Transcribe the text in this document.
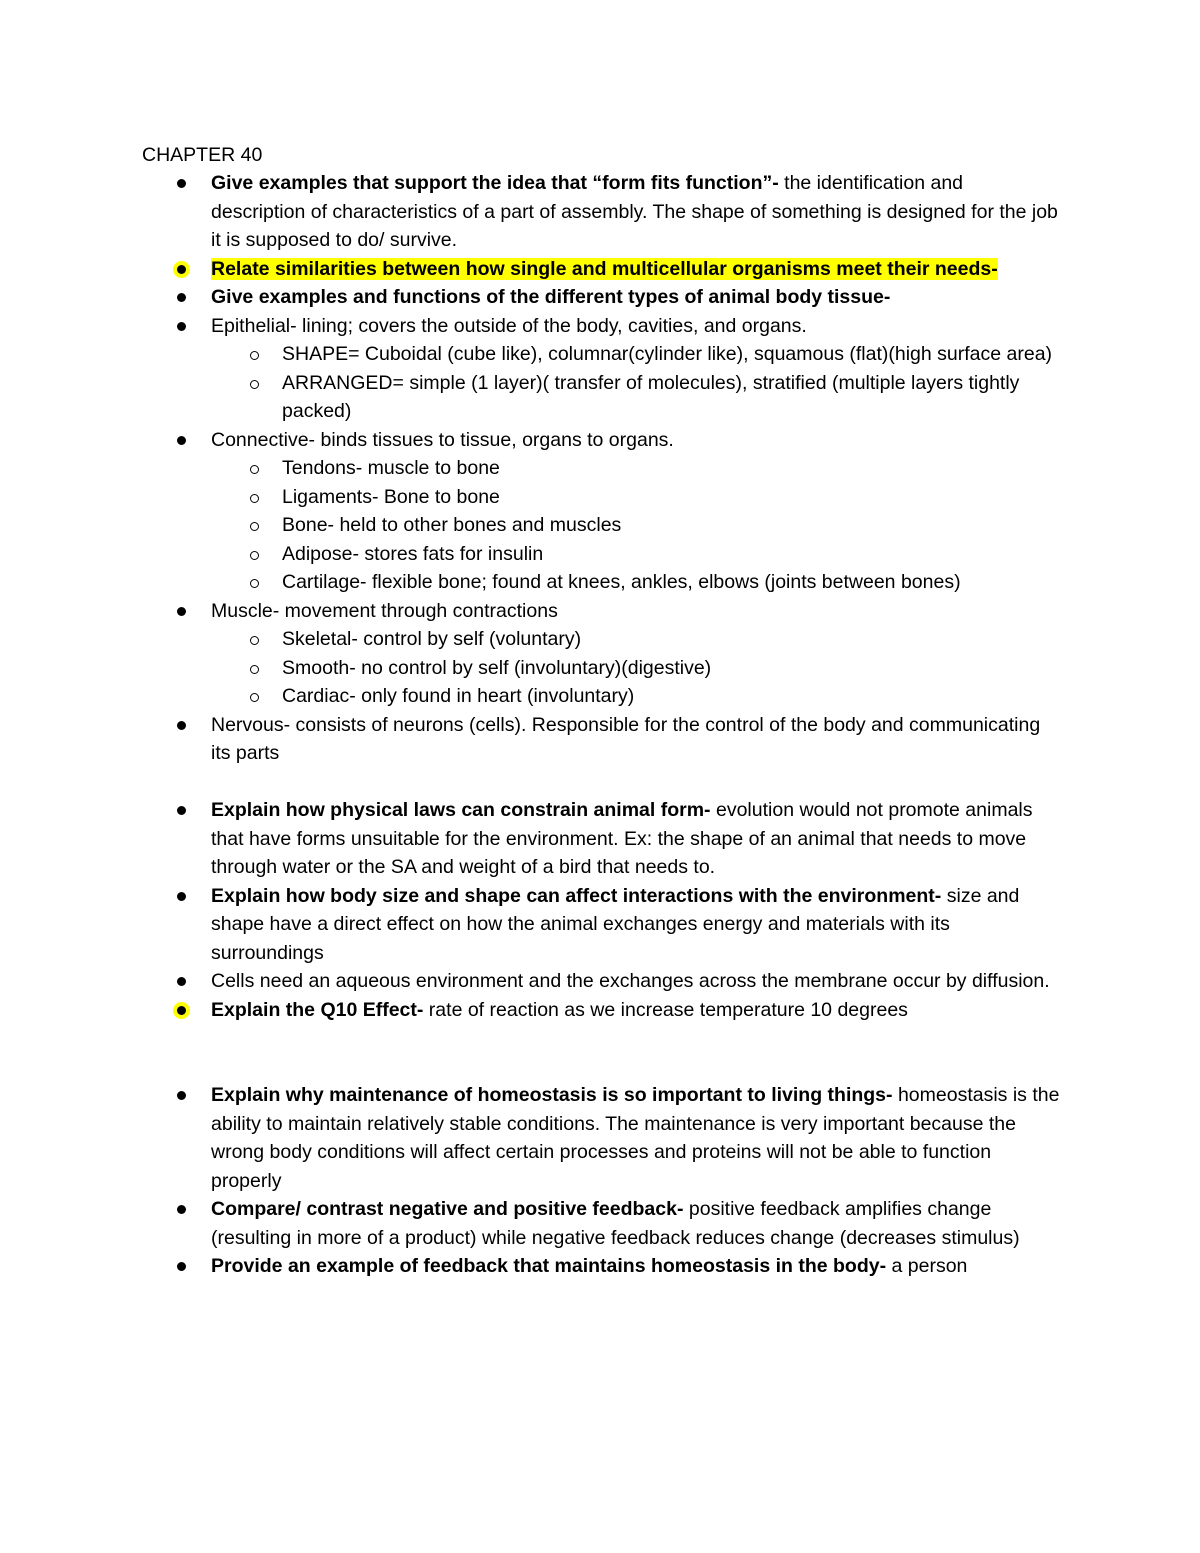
CHAPTER 40
Give examples that support the idea that “form fits function”- the identification and description of characteristics of a part of assembly. The shape of something is designed for the job it is supposed to do/ survive.
Relate similarities between how single and multicellular organisms meet their needs-
Give examples and functions of the different types of animal body tissue-
Epithelial- lining; covers the outside of the body, cavities, and organs.
SHAPE= Cuboidal (cube like), columnar(cylinder like), squamous (flat)(high surface area)
ARRANGED= simple (1 layer)( transfer of molecules), stratified (multiple layers tightly packed)
Connective- binds tissues to tissue, organs to organs.
Tendons- muscle to bone
Ligaments- Bone to bone
Bone- held to other bones and muscles
Adipose- stores fats for insulin
Cartilage- flexible bone; found at knees, ankles, elbows (joints between bones)
Muscle- movement through contractions
Skeletal- control by self (voluntary)
Smooth- no control by self (involuntary)(digestive)
Cardiac- only found in heart (involuntary)
Nervous- consists of neurons (cells). Responsible for the control of the body and communicating its parts
Explain how physical laws can constrain animal form- evolution would not promote animals that have forms unsuitable for the environment. Ex: the shape of an animal that needs to move through water or the SA and weight of a bird that needs to.
Explain how body size and shape can affect interactions with the environment- size and shape have a direct effect on how the animal exchanges energy and materials with its surroundings
Cells need an aqueous environment and the exchanges across the membrane occur by diffusion.
Explain the Q10 Effect- rate of reaction as we increase temperature 10 degrees
Explain why maintenance of homeostasis is so important to living things- homeostasis is the ability to maintain relatively stable conditions. The maintenance is very important because the wrong body conditions will affect certain processes and proteins will not be able to function properly
Compare/ contrast negative and positive feedback- positive feedback amplifies change (resulting in more of a product) while negative feedback reduces change (decreases stimulus)
Provide an example of feedback that maintains homeostasis in the body- a person
